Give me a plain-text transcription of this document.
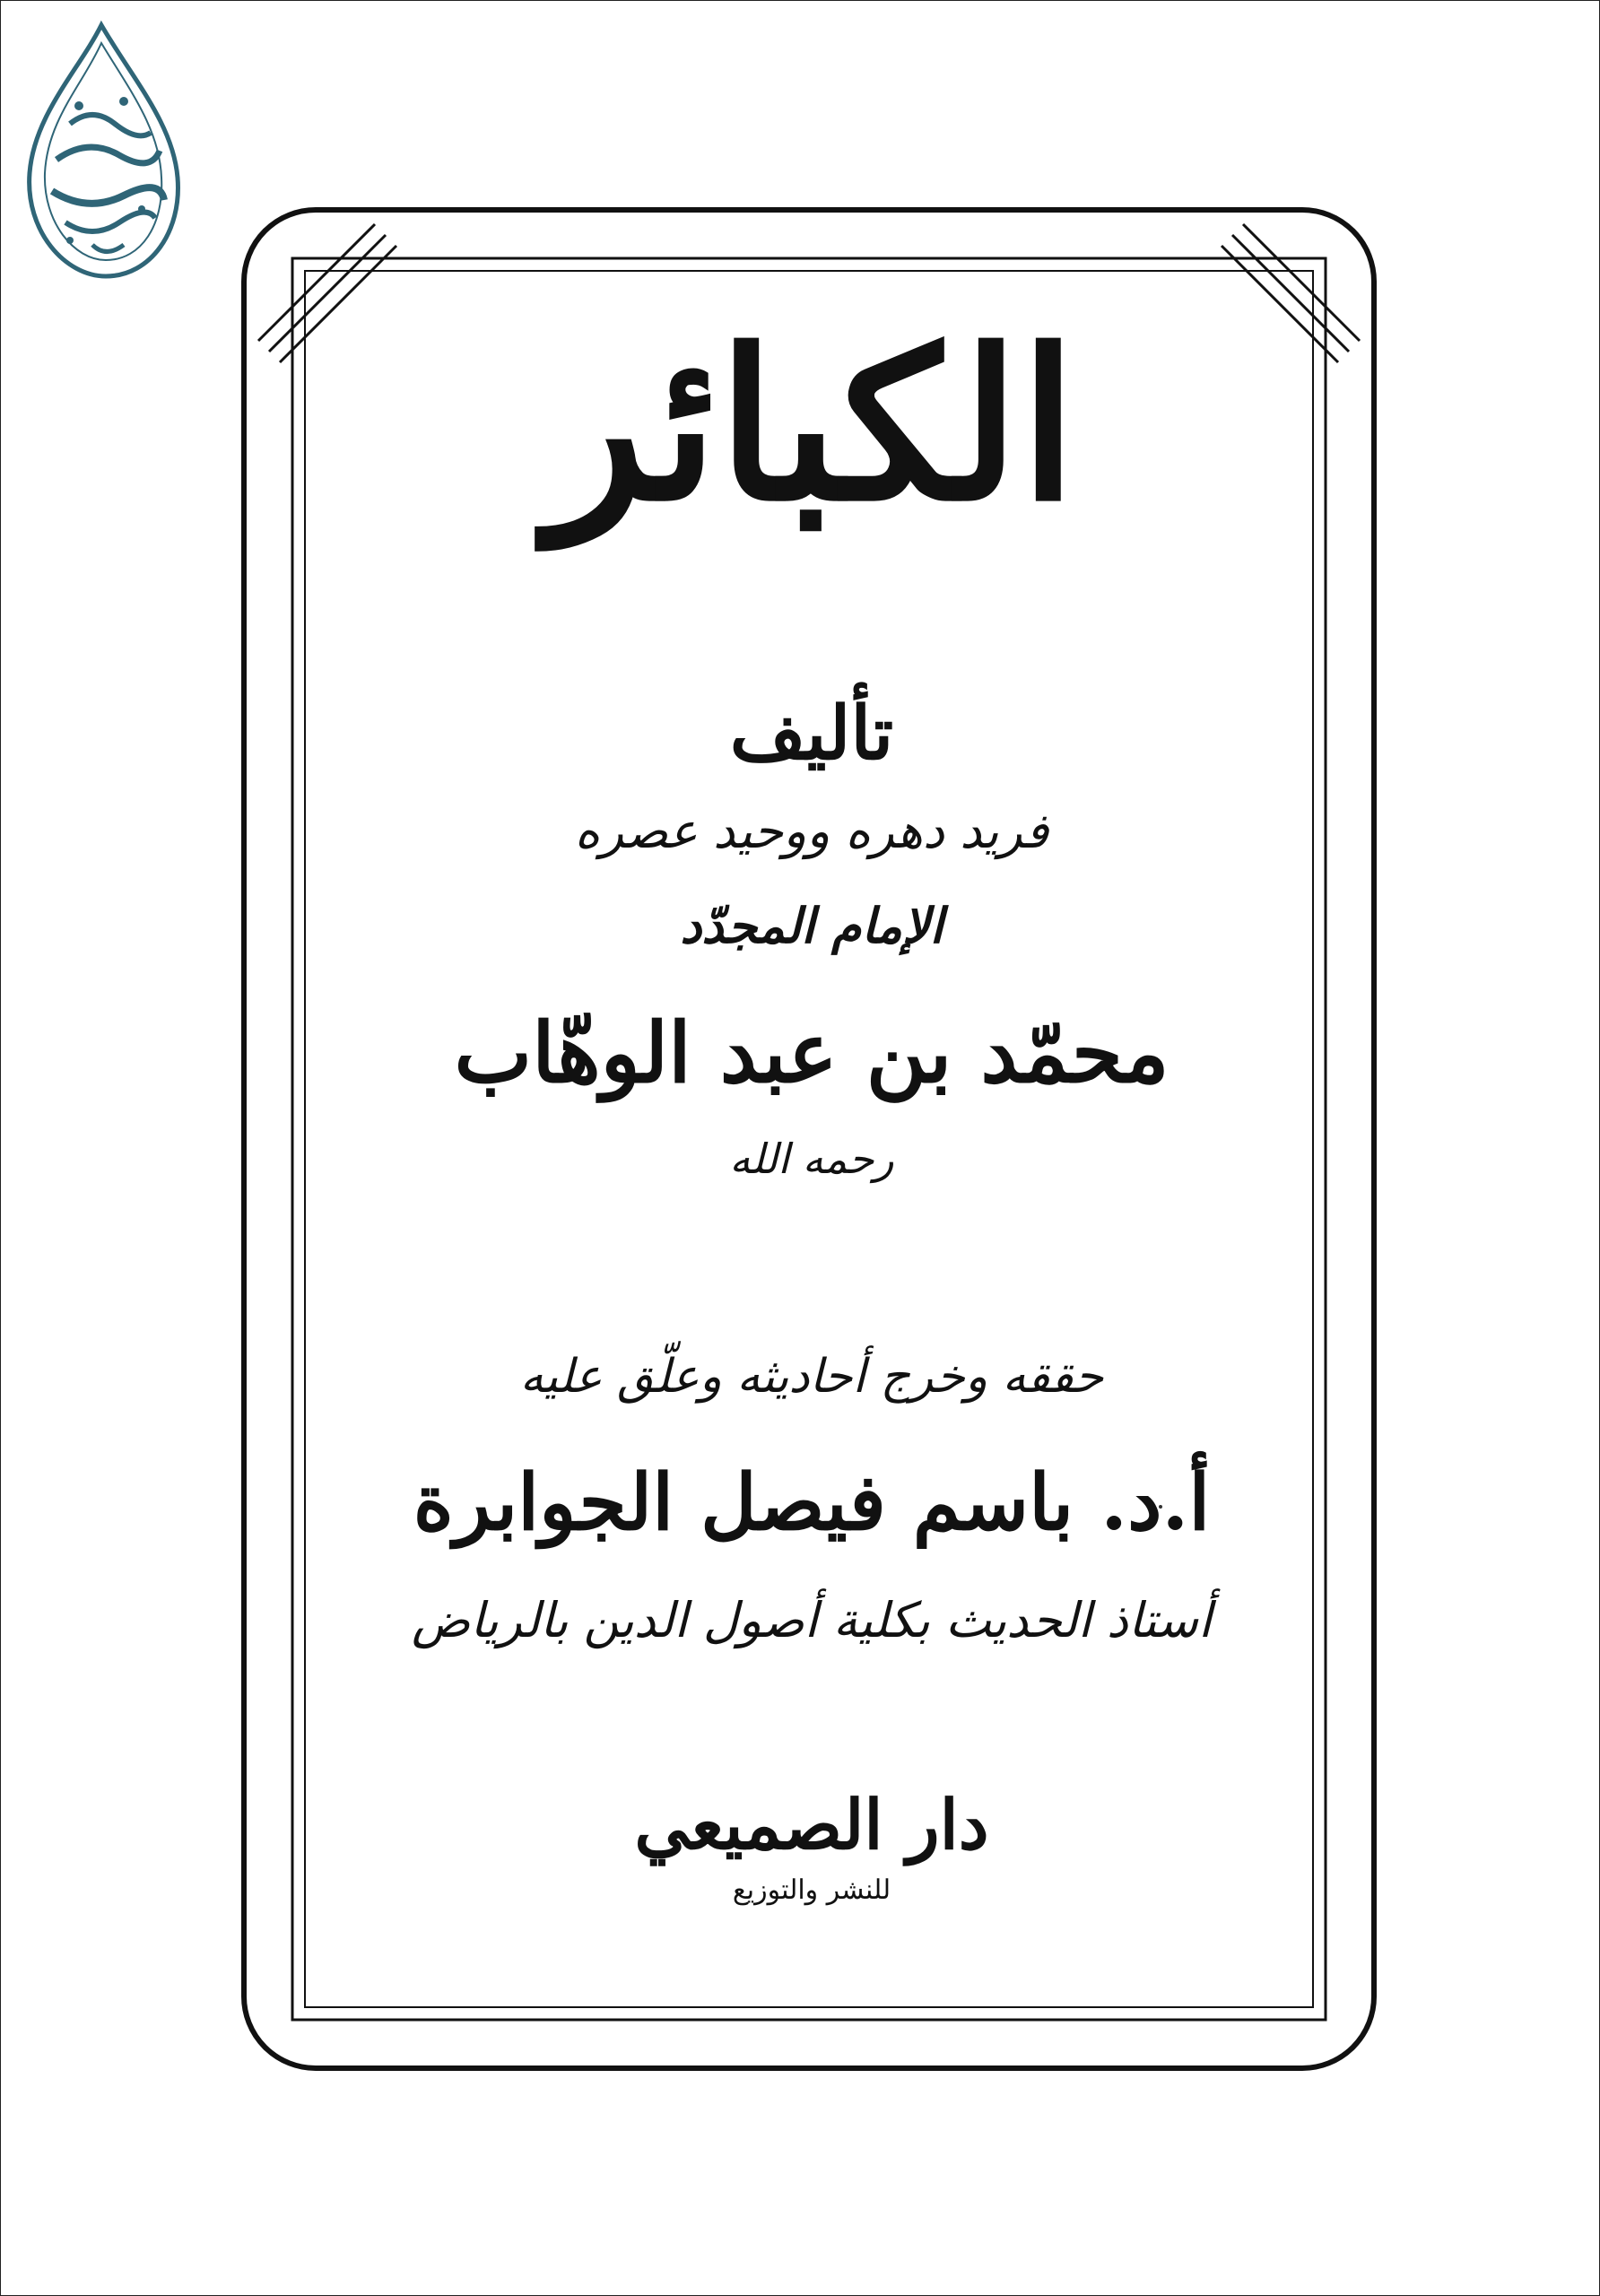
الكبائر
تأليف
فريد دهره ووحيد عصره
الإمام المجدّد
محمّد بن عبد الوهّاب
رحمه الله
حققه وخرج أحاديثه وعلّق عليه
أ.د. باسم فيصل الجوابرة
أستاذ الحديث بكلية أصول الدين بالرياض
دار الصميعي
للنشر والتوزيع
